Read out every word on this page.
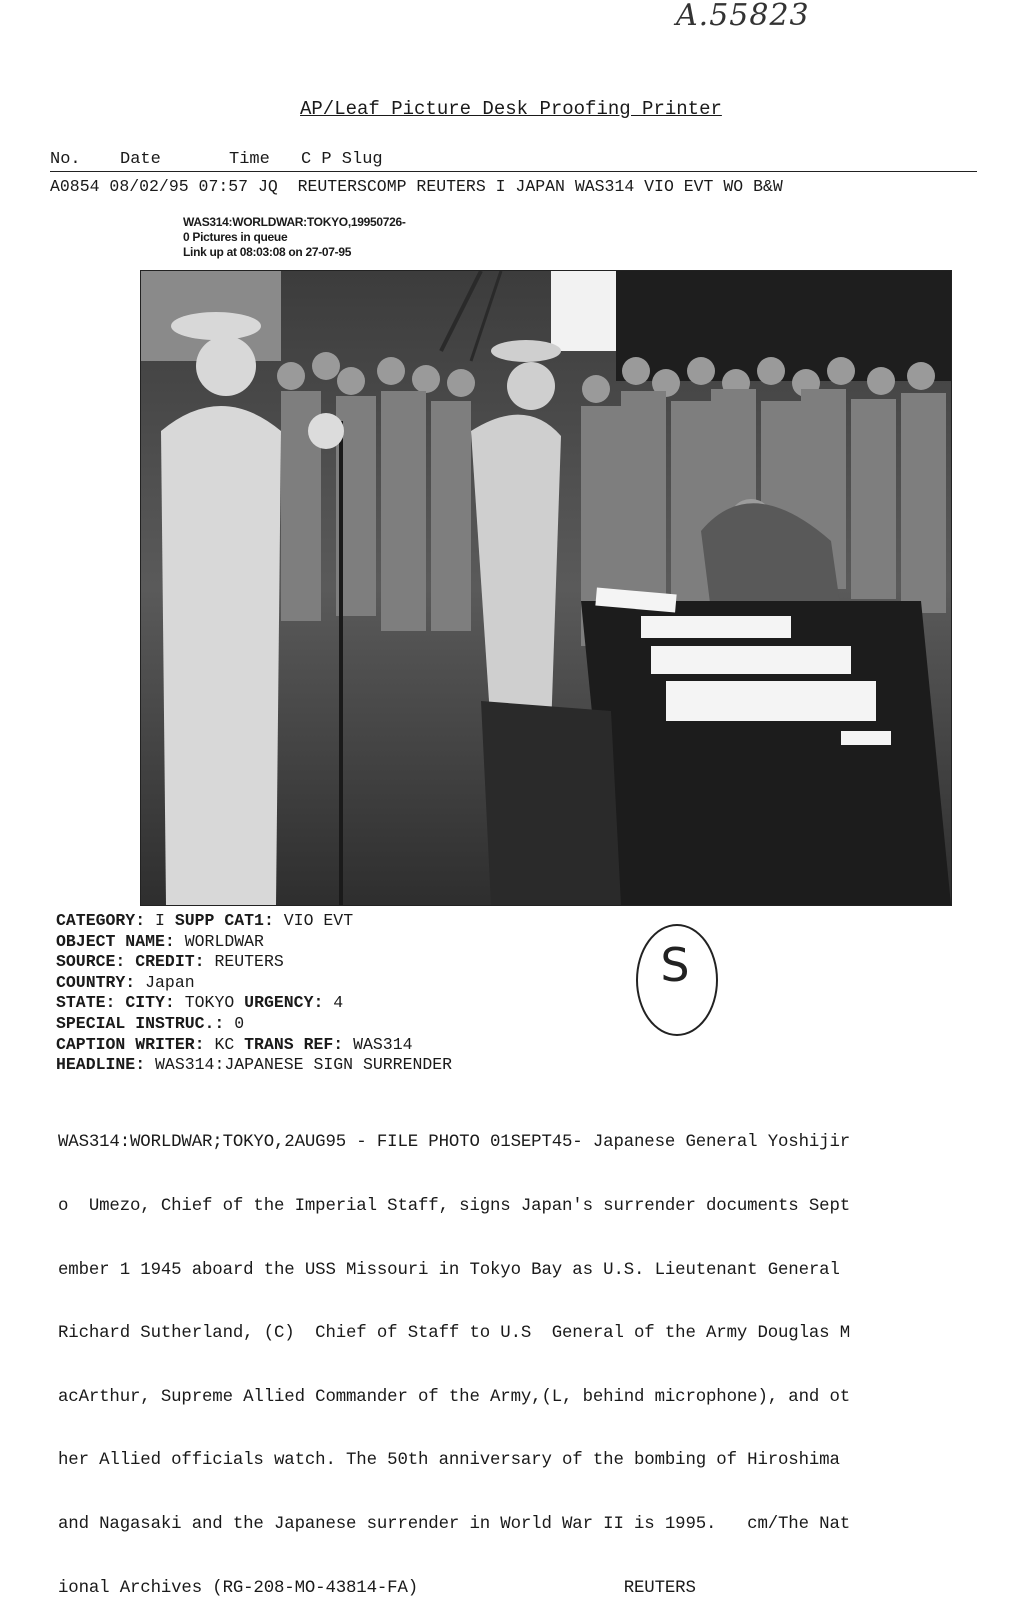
A.55823
AP/Leaf Picture Desk Proofing Printer
No. Date	Time C P Slug
A0854 08/02/95 07:57 JQ REUTERSCOMP REUTERS I JAPAN WAS314 VIO EVT WO B&W
WAS314:WORLDWAR:TOKYO,19950726-
0 Pictures in queue
Link up at 08:03:08 on 27-07-95
CATEGORY: I SUPP CAT1: VIO EVT
OBJECT NAME: WORLDWAR
SOURCE: CREDIT: REUTERS
COUNTRY: Japan
STATE: CITY: TOKYO URGENCY: 4
SPECIAL INSTRUC.: 0
CAPTION WRITER: KC TRANS REF: WAS314
HEADLINE: WAS314:JAPANESE SIGN SURRENDER
S

WAS314:WORLDWAR;TOKYO,2AUG95 - FILE PHOTO 01SEPT45- Japanese General Yoshijir

o  Umezo, Chief of the Imperial Staff, signs Japan's surrender documents Sept

ember 1 1945 aboard the USS Missouri in Tokyo Bay as U.S. Lieutenant General

Richard Sutherland, (C)  Chief of Staff to U.S  General of the Army Douglas M

acArthur, Supreme Allied Commander of the Army,(L, behind microphone), and ot

her Allied officials watch. The 50th anniversary of the bombing of Hiroshima

and Nagasaki and the Japanese surrender in World War II is 1995.   cm/The Nat

ional Archives (RG-208-MO-43814-FA)                    REUTERS
